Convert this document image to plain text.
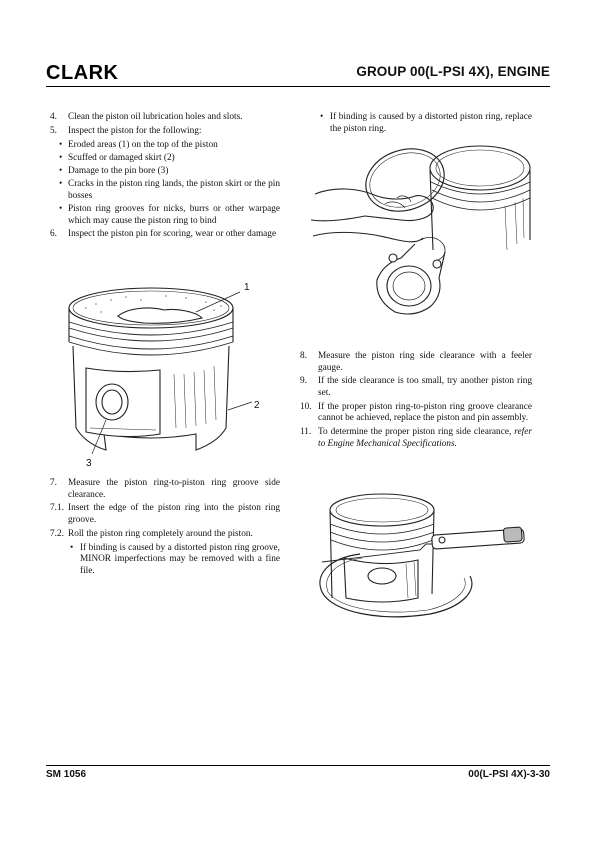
CLARK	GROUP 00(L-PSI 4X), ENGINE
4. Clean the piston oil lubrication holes and slots.
5. Inspect the piston for the following:
• Eroded areas (1) on the top of the piston
• Scuffed or damaged skirt (2)
• Damage to the pin bore (3)
• Cracks in the piston ring lands, the piston skirt or the pin bosses
• Piston ring grooves for nicks, burrs or other warpage which may cause the piston ring to bind
6. Inspect the piston pin for scoring, wear or other damage
1
2
3
7. Measure the piston ring-to-piston ring groove side clearance.
7.1. Insert the edge of the piston ring into the piston ring groove.
7.2. Roll the piston ring completely around the piston.
• If binding is caused by a distorted piston ring groove, MINOR imperfections may be removed with a fine file.
• If binding is caused by a distorted piston ring, replace the piston ring.
8. Measure the piston ring side clearance with a feeler gauge.
9. If the side clearance is too small, try another piston ring set.
10. If the proper piston ring-to-piston ring groove clearance cannot be achieved, replace the piston and pin assembly.
11. To determine the proper piston ring side clearance, refer to Engine Mechanical Specifications.
SM 1056	00(L-PSI 4X)-3-30
